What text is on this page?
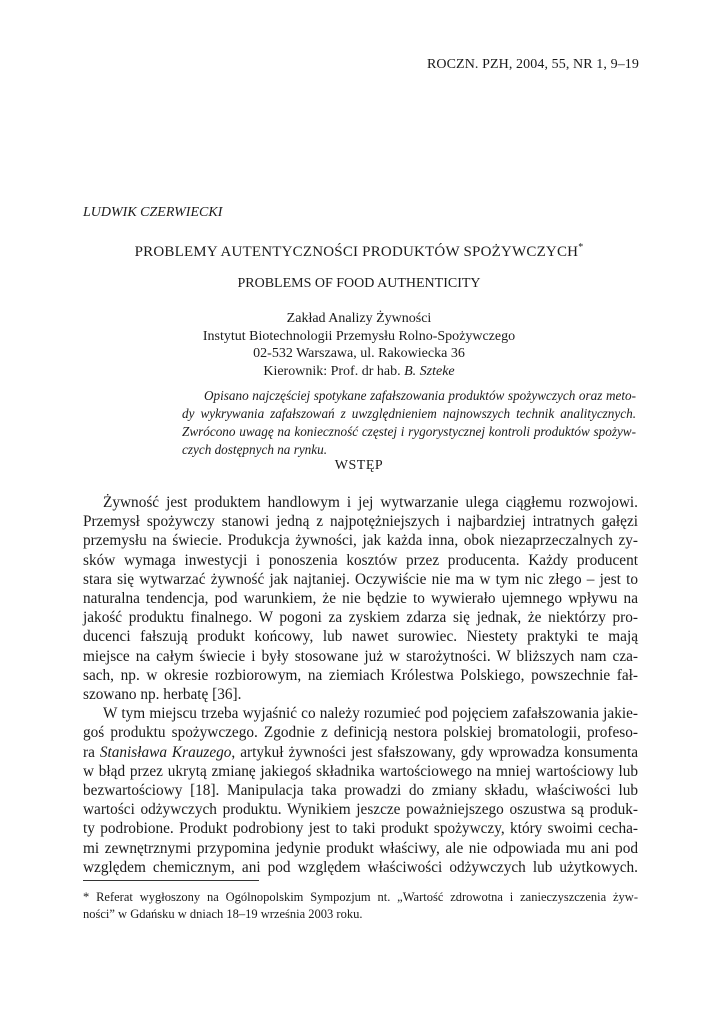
ROCZN. PZH, 2004, 55, NR 1, 9–19
LUDWIK CZERWIECKI
PROBLEMY AUTENTYCZNOŚCI PRODUKTÓW SPOŻYWCZYCH*
PROBLEMS OF FOOD AUTHENTICITY
Zakład Analizy Żywności
Instytut Biotechnologii Przemysłu Rolno-Spożywczego
02-532 Warszawa, ul. Rakowiecka 36
Kierownik: Prof. dr hab. B. Szteke
Opisano najczęściej spotykane zafałszowania produktów spożywczych oraz meto-
dy wykrywania zafałszowań z uwzględnieniem najnowszych technik analitycznych.
Zwrócono uwagę na konieczność częstej i rygorystycznej kontroli produktów spożyw-
czych dostępnych na rynku.
WSTĘP
Żywność jest produktem handlowym i jej wytwarzanie ulega ciągłemu rozwojowi.
Przemysł spożywczy stanowi jedną z najpotężniejszych i najbardziej intratnych gałęzi
przemysłu na świecie. Produkcja żywności, jak każda inna, obok niezaprzeczalnych zy-
sków wymaga inwestycji i ponoszenia kosztów przez producenta. Każdy producent
stara się wytwarzać żywność jak najtaniej. Oczywiście nie ma w tym nic złego – jest to
naturalna tendencja, pod warunkiem, że nie będzie to wywierało ujemnego wpływu na
jakość produktu finalnego. W pogoni za zyskiem zdarza się jednak, że niektórzy pro-
ducenci fałszują produkt końcowy, lub nawet surowiec. Niestety praktyki te mają
miejsce na całym świecie i były stosowane już w starożytności. W bliższych nam cza-
sach, np. w okresie rozbiorowym, na ziemiach Królestwa Polskiego, powszechnie fał-
szowano np. herbatę [36].
W tym miejscu trzeba wyjaśnić co należy rozumieć pod pojęciem zafałszowania jakie-
goś produktu spożywczego. Zgodnie z definicją nestora polskiej bromatologii, profeso-
ra Stanisława Krauzego, artykuł żywności jest sfałszowany, gdy wprowadza konsumenta
w błąd przez ukrytą zmianę jakiegoś składnika wartościowego na mniej wartościowy lub
bezwartościowy [18]. Manipulacja taka prowadzi do zmiany składu, właściwości lub
wartości odżywczych produktu. Wynikiem jeszcze poważniejszego oszustwa są produk-
ty podrobione. Produkt podrobiony jest to taki produkt spożywczy, który swoimi cecha-
mi zewnętrznymi przypomina jedynie produkt właściwy, ale nie odpowiada mu ani pod
względem chemicznym, ani pod względem właściwości odżywczych lub użytkowych.
* Referat wygłoszony na Ogólnopolskim Sympozjum nt. „Wartość zdrowotna i zanieczyszczenia żyw-
ności” w Gdańsku w dniach 18–19 września 2003 roku.
